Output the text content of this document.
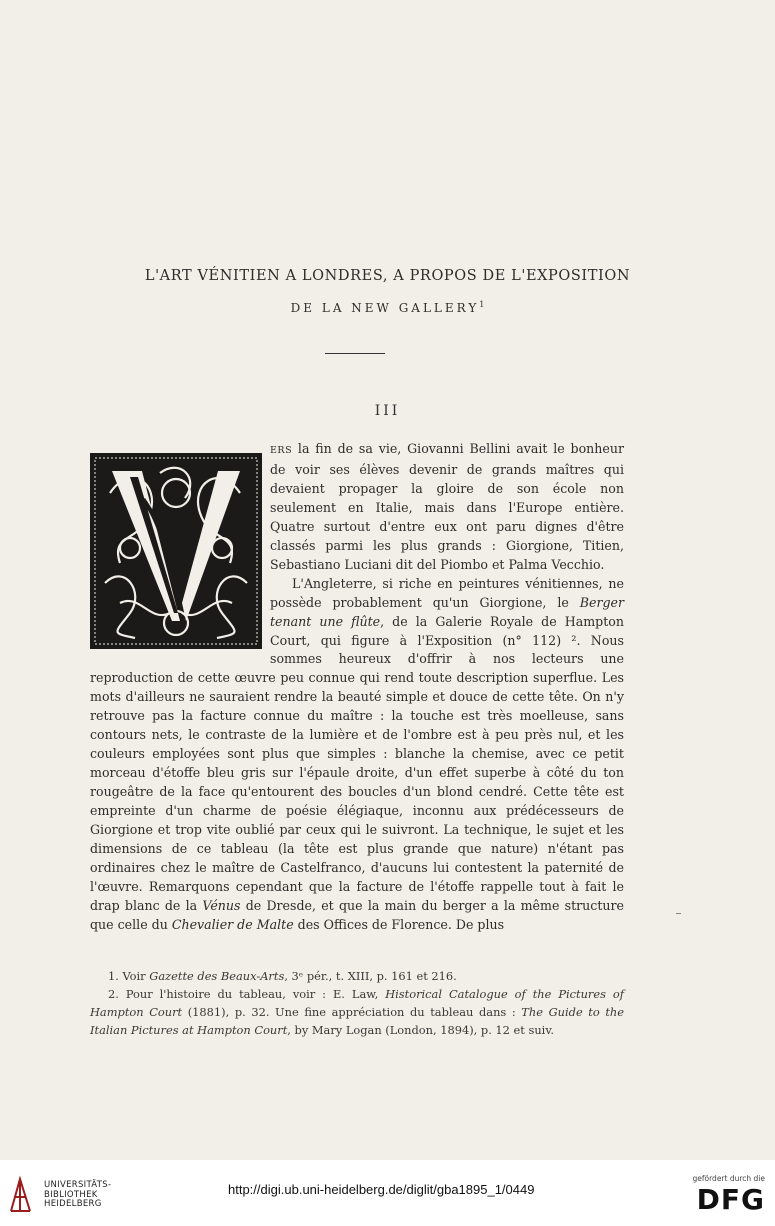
L'ART VÉNITIEN A LONDRES, A PROPOS DE L'EXPOSITION
DE LA NEW GALLERY$^1$
III

ERS la fin de sa vie, Giovanni Bellini avait le bonheur de voir ses élèves devenir de grands maîtres qui devaient propager la gloire de son école non seulement en Italie, mais dans l'Europe entière. Quatre surtout d'entre eux ont paru dignes d'être classés parmi les plus grands : Giorgione, Titien, Sebastiano Luciani dit del Piombo et Palma Vecchio.

L'Angleterre, si riche en peintures vénitiennes, ne possède probablement qu'un Giorgione, le Berger tenant une flûte, de la Galerie Royale de Hampton Court, qui figure à l'Exposition (n° 112) ². Nous sommes heureux d'offrir à nos lecteurs une reproduction de cette œuvre peu connue qui rend toute description superflue. Les mots d'ailleurs ne sauraient rendre la beauté simple et douce de cette tête. On n'y retrouve pas la facture connue du maître : la touche est très moelleuse, sans contours nets, le contraste de la lumière et de l'ombre est à peu près nul, et les couleurs employées sont plus que simples : blanche la chemise, avec ce petit morceau d'étoffe bleu gris sur l'épaule droite, d'un effet superbe à côté du ton rougeâtre de la face qu'entourent des boucles d'un blond cendré. Cette tête est empreinte d'un charme de poésie élégiaque, inconnu aux prédécesseurs de Giorgione et trop vite oublié par ceux qui le suivront. La technique, le sujet et les dimensions de ce tableau (la tête est plus grande que nature) n'étant pas ordinaires chez le maître de Castelfranco, d'aucuns lui contestent la paternité de l'œuvre. Remarquons cependant que la facture de l'étoffe rappelle tout à fait le drap blanc de la Vénus de Dresde, et que la main du berger a la même structure que celle du Chevalier de Malte des Offices de Florence. De plus

1. Voir Gazette des Beaux-Arts, 3ᵉ pér., t. XIII, p. 161 et 216.

2. Pour l'histoire du tableau, voir : E. Law, Historical Catalogue of the Pictures of Hampton Court (1881), p. 32. Une fine appréciation du tableau dans : The Guide to the Italian Pictures at Hampton Court, by Mary Logan (London, 1894), p. 12 et suiv.

UNIVERSITÄTS-
BIBLIOTHEK
HEIDELBERG
http://digi.ub.uni-heidelberg.de/diglit/gba1895_1/0449
gefördert durch die
DFG
